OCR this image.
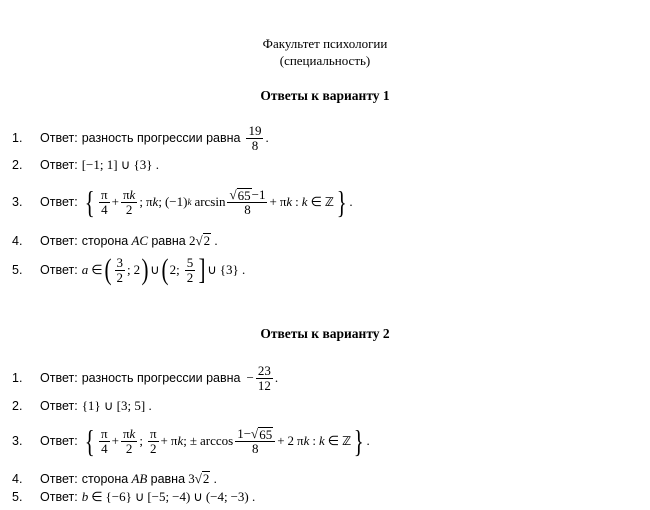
Факультет психологии
(специальность)
Ответы к варианту 1
1.	Ответ: разность прогрессии равна $\frac{19}{8}$ .
2.	Ответ: [−1; 1] ∪ {3} .
3.	Ответ: { $\frac{\pi}{4} + \frac{\pi k}{2}$ ; π k ; (−1) k $\arcsin \frac{√ 65 -1}{8} + \pi$ k : k ∈ ℤ } .
4.	Ответ: сторона
AC
равна
2 √ 2 .
5.	Ответ: a ∈ ( $\frac{3}{2}$ ; 2 ) ∪ ( 2; $\frac{5}{2}$ ] ∪ {3} .
Ответы к варианту 2
1.	Ответ: разность прогрессии равна − $\frac{23}{12}$ .
2.	Ответ: {1} ∪ [3; 5] .
3.	Ответ: { $\frac{\pi}{4} + \frac{\pi k}{2}$ ; $\frac{\pi}{2} + \pi$ k ; ± $\arccos \frac{1-√ 65}{8} + 2$ π k : k ∈ ℤ } .
4.	Ответ: сторона
AB
равна
3 √ 2 .
5.	Ответ: b ∈ {−6} ∪ [−5; −4) ∪ (−4; −3) .
